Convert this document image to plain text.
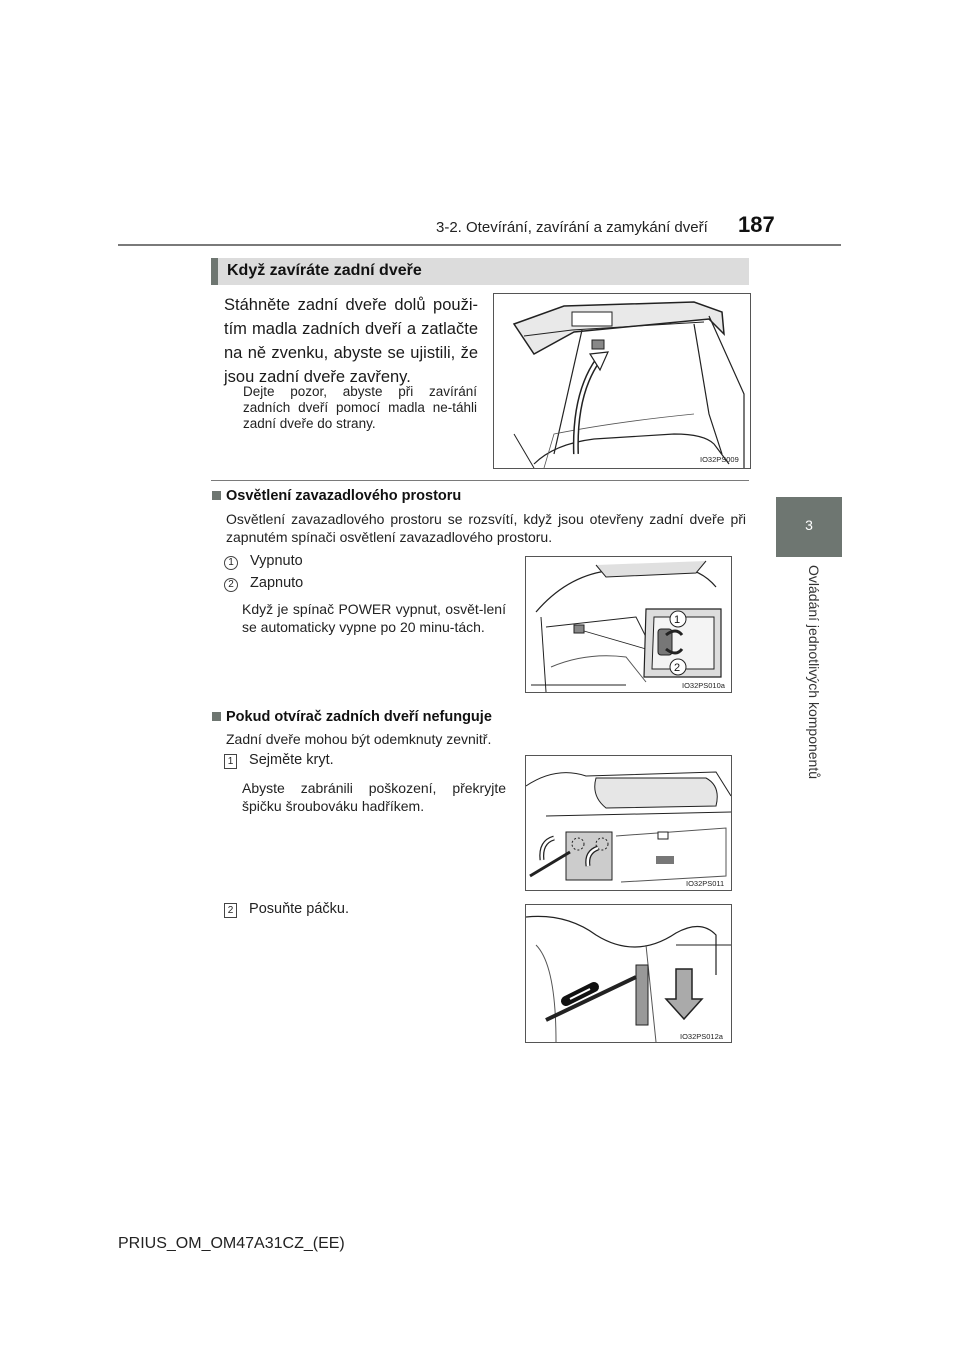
3-2. Otevírání, zavírání a zamykání dveří 187
3
Ovládání jednotlivých komponentů
Když zavíráte zadní dveře
Stáhněte zadní dveře dolů použi-tím madla zadních dveří a zatlačte na ně zvenku, abyste se ujistili, že jsou zadní dveře zavřeny.
Dejte pozor, abyste při zavírání zadních dveří pomocí madla ne-táhli zadní dveře do strany.
IO32PS009
Osvětlení zavazadlového prostoru
Osvětlení zavazadlového prostoru se rozsvítí, když jsou otevřeny zadní dveře při zapnutém spínači osvětlení zavazadlového prostoru.
1 Vypnuto
2 Zapnuto
Když je spínač POWER vypnut, osvět-lení se automaticky vypne po 20 minu-tách.	1
2
IO32PS010a
Pokud otvírač zadních dveří nefunguje
Zadní dveře mohou být odemknuty zevnitř.
1 Sejměte kryt.
Abyste zabránili poškození, překryjte špičku šroubováku hadříkem.
IO32PS011
2 Posuňte páčku.
IO32PS012a
PRIUS_OM_OM47A31CZ_(EE)
